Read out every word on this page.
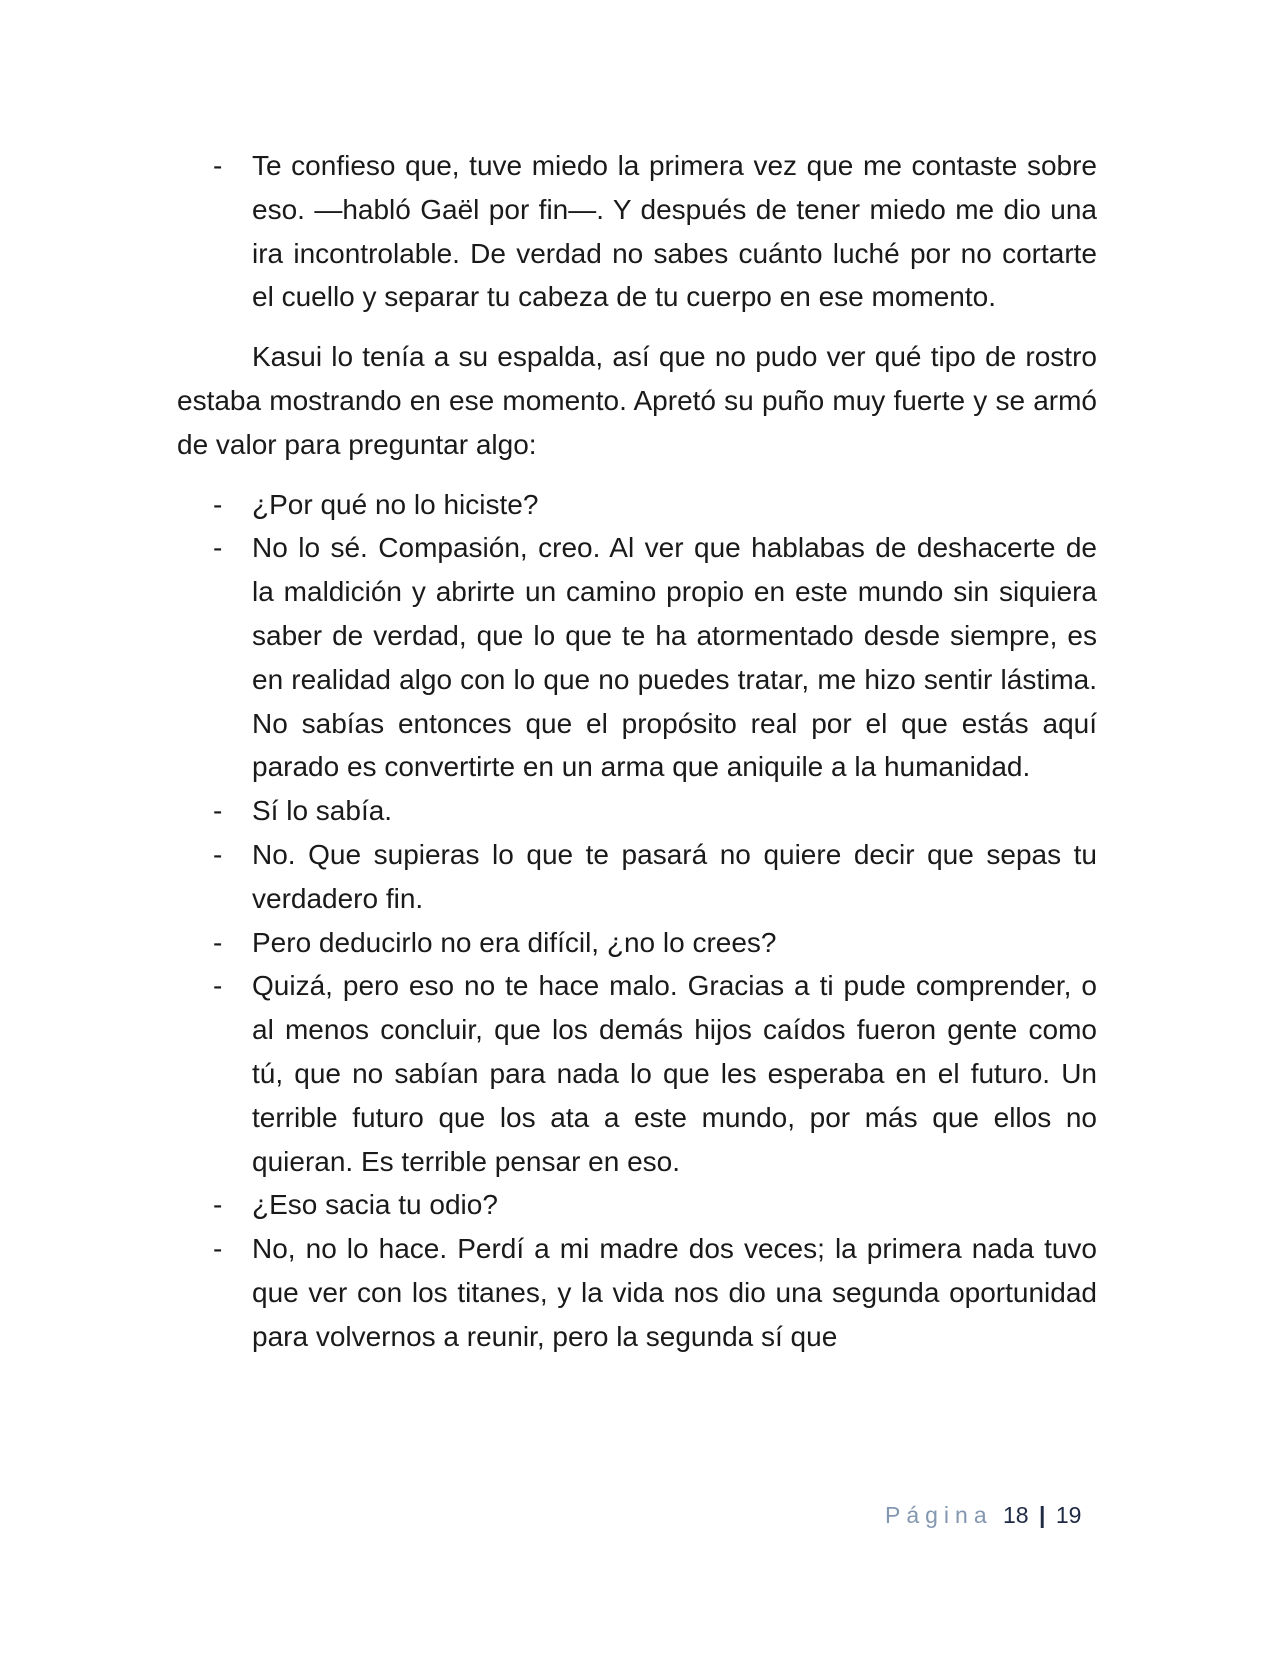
- Te confieso que, tuve miedo la primera vez que me contaste sobre eso. —habló Gaël por fin—. Y después de tener miedo me dio una ira incontrolable. De verdad no sabes cuánto luché por no cortarte el cuello y separar tu cabeza de tu cuerpo en ese momento.

Kasui lo tenía a su espalda, así que no pudo ver qué tipo de rostro estaba mostrando en ese momento. Apretó su puño muy fuerte y se armó de valor para preguntar algo:

- ¿Por qué no lo hiciste?
- No lo sé. Compasión, creo. Al ver que hablabas de deshacerte de la maldición y abrirte un camino propio en este mundo sin siquiera saber de verdad, que lo que te ha atormentado desde siempre, es en realidad algo con lo que no puedes tratar, me hizo sentir lástima. No sabías entonces que el propósito real por el que estás aquí parado es convertirte en un arma que aniquile a la humanidad.
- Sí lo sabía.
- No. Que supieras lo que te pasará no quiere decir que sepas tu verdadero fin.
- Pero deducirlo no era difícil, ¿no lo crees?
- Quizá, pero eso no te hace malo. Gracias a ti pude comprender, o al menos concluir, que los demás hijos caídos fueron gente como tú, que no sabían para nada lo que les esperaba en el futuro. Un terrible futuro que los ata a este mundo, por más que ellos no quieran. Es terrible pensar en eso.
- ¿Eso sacia tu odio?
- No, no lo hace. Perdí a mi madre dos veces; la primera nada tuvo que ver con los titanes, y la vida nos dio una segunda oportunidad para volvernos a reunir, pero la segunda sí que
Página 18 | 19
